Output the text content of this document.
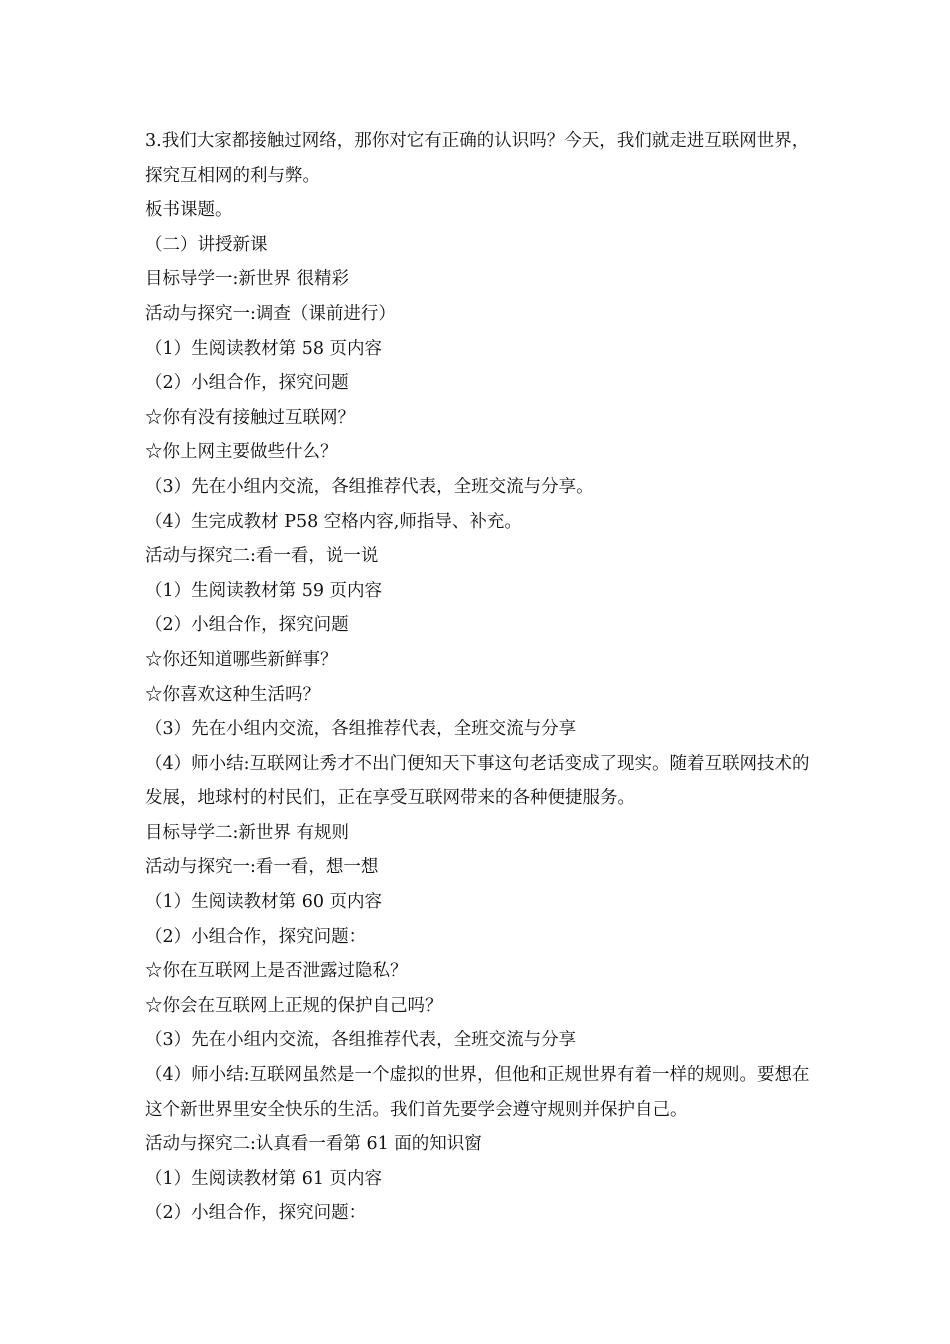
3.我们大家都接触过网络，那你对它有正确的认识吗？今天，我们就走进互联网世界，探究互相网的利与弊。

板书课题。

（二）讲授新课

目标导学一:新世界 很精彩

活动与探究一:调查（课前进行）

（1）生阅读教材第 58 页内容

（2）小组合作，探究问题

☆你有没有接触过互联网？

☆你上网主要做些什么？

（3）先在小组内交流，各组推荐代表，全班交流与分享。

（4）生完成教材 P58 空格内容,师指导、补充。

活动与探究二:看一看，说一说

（1）生阅读教材第 59 页内容

（2）小组合作，探究问题

☆你还知道哪些新鲜事？

☆你喜欢这种生活吗？

（3）先在小组内交流，各组推荐代表，全班交流与分享

（4）师小结:互联网让秀才不出门便知天下事这句老话变成了现实。随着互联网技术的发展，地球村的村民们，正在享受互联网带来的各种便捷服务。

目标导学二:新世界 有规则

活动与探究一:看一看，想一想

（1）生阅读教材第 60 页内容

（2）小组合作，探究问题：

☆你在互联网上是否泄露过隐私？

☆你会在互联网上正规的保护自己吗？

（3）先在小组内交流，各组推荐代表，全班交流与分享

（4）师小结:互联网虽然是一个虚拟的世界，但他和正规世界有着一样的规则。要想在这个新世界里安全快乐的生活。我们首先要学会遵守规则并保护自己。

活动与探究二:认真看一看第 61 面的知识窗

（1）生阅读教材第 61 页内容

（2）小组合作，探究问题：
